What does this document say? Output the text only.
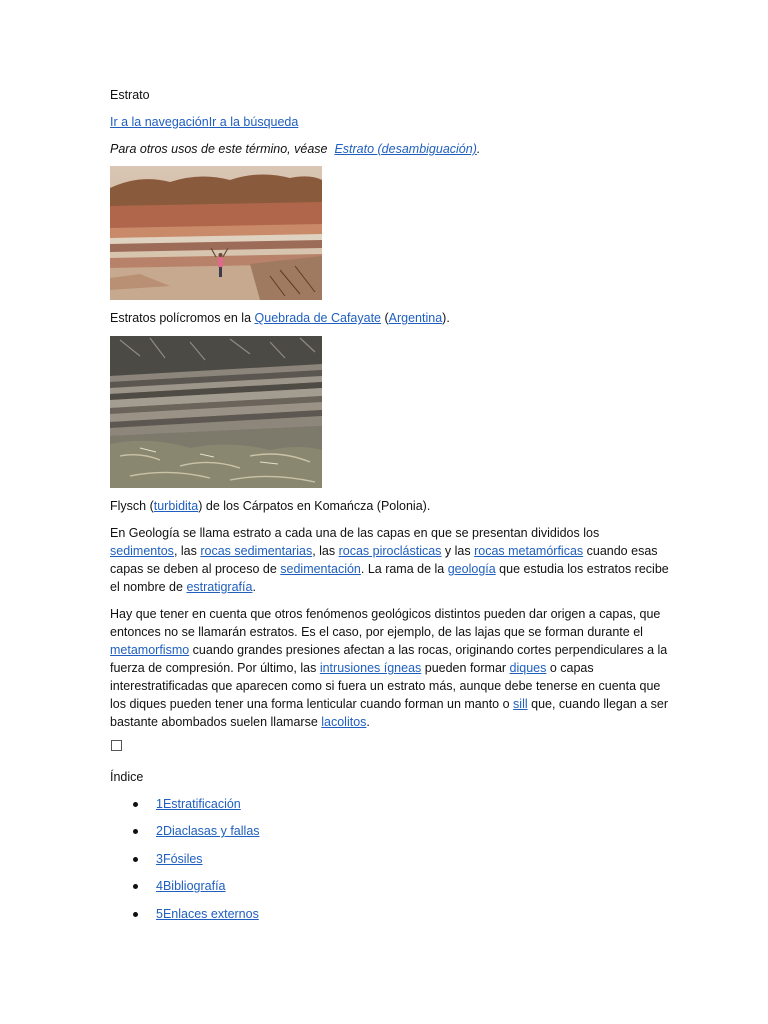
Estrato

Ir a la navegaciónIr a la búsqueda

Para otros usos de este término, véase Estrato (desambiguación).

Estratos polícromos en la Quebrada de Cafayate (Argentina).

Flysch (turbidita) de los Cárpatos en Komańcza (Polonia).

En Geología se llama estrato a cada una de las capas en que se presentan divididos los sedimentos, las rocas sedimentarias, las rocas piroclásticas y las rocas metamórficas cuando esas capas se deben al proceso de sedimentación. La rama de la geología que estudia los estratos recibe el nombre de estratigrafía.

Hay que tener en cuenta que otros fenómenos geológicos distintos pueden dar origen a capas, que entonces no se llamarán estratos. Es el caso, por ejemplo, de las lajas que se forman durante el metamorfismo cuando grandes presiones afectan a las rocas, originando cortes perpendiculares a la fuerza de compresión. Por último, las intrusiones ígneas pueden formar diques o capas interestratificadas que aparecen como si fuera un estrato más, aunque debe tenerse en cuenta que los diques pueden tener una forma lenticular cuando forman un manto o sill que, cuando llegan a ser bastante abombados suelen llamarse lacolitos.

Índice

1Estratificación
2Diaclasas y fallas
3Fósiles
4Bibliografía
5Enlaces externos
